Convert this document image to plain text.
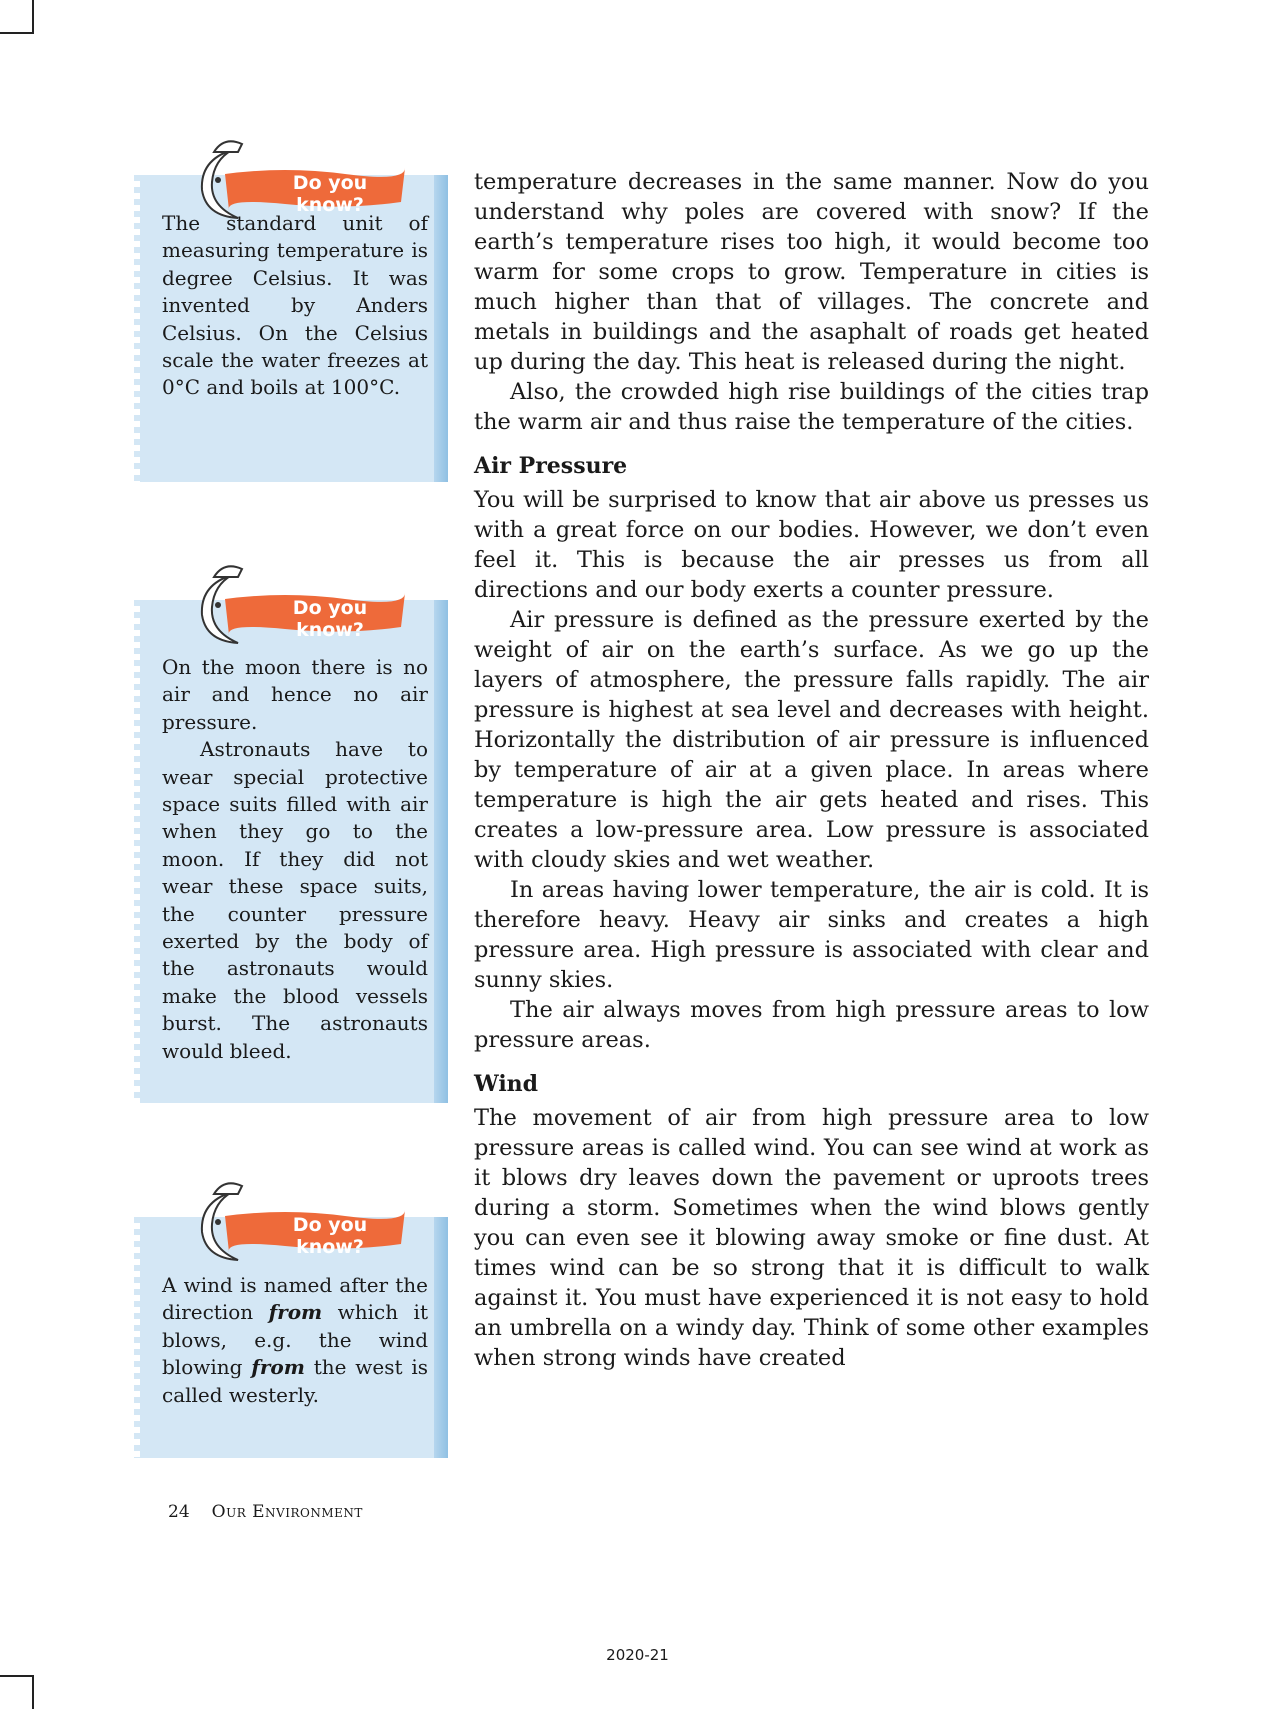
Do you know?

The standard unit of measuring temperature is degree Celsius. It was invented by Anders Celsius. On the Celsius scale the water freezes at 0°C and boils at 100°C.

Do you know?

On the moon there is no air and hence no air pressure.

Astronauts have to wear special protective space suits filled with air when they go to the moon. If they did not wear these space suits, the counter pressure exerted by the body of the astronauts would make the blood vessels burst. The astronauts would bleed.

Do you know?

A wind is named after the direction from which it blows, e.g. the wind blowing from the west is called westerly.

temperature decreases in the same manner. Now do you understand why poles are covered with snow? If the earth’s temperature rises too high, it would become too warm for some crops to grow. Temperature in cities is much higher than that of villages. The concrete and metals in buildings and the asaphalt of roads get heated up during the day. This heat is released during the night.

Also, the crowded high rise buildings of the cities trap the warm air and thus raise the temperature of the cities.

Air Pressure

You will be surprised to know that air above us presses us with a great force on our bodies. However, we don’t even feel it. This is because the air presses us from all directions and our body exerts a counter pressure.

Air pressure is defined as the pressure exerted by the weight of air on the earth’s surface. As we go up the layers of atmosphere, the pressure falls rapidly. The air pressure is highest at sea level and decreases with height. Horizontally the distribution of air pressure is influenced by temperature of air at a given place. In areas where temperature is high the air gets heated and rises. This creates a low-pressure area. Low pressure is associated with cloudy skies and wet weather.

In areas having lower temperature, the air is cold. It is therefore heavy. Heavy air sinks and creates a high pressure area. High pressure is associated with clear and sunny skies.

The air always moves from high pressure areas to low pressure areas.

Wind

The movement of air from high pressure area to low pressure areas is called wind. You can see wind at work as it blows dry leaves down the pavement or uproots trees during a storm. Sometimes when the wind blows gently you can even see it blowing away smoke or fine dust. At times wind can be so strong that it is difficult to walk against it. You must have experienced it is not easy to hold an umbrella on a windy day. Think of some other examples when strong winds have created

24 Our Environment
2020-21
